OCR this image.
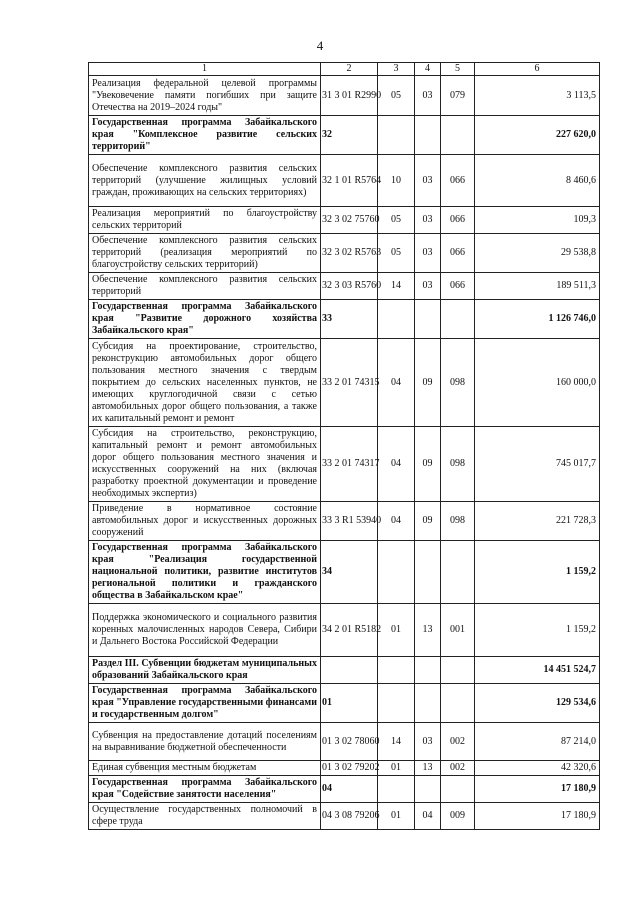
4
1	2	3	4	5	6
Реализация федеральной целевой программы "Увековечение памяти погибших при защите Отечества на 2019–2024 годы"	31 3 01 R2990	05	03	079	3 113,5
Государственная программа Забайкальского края "Комплексное развитие сельских территорий"	32				227 620,0
Обеспечение комплексного развития сельских территорий (улучшение жилищных условий граждан, проживающих на сельских территориях)	32 1 01 R5764	10	03	066	8 460,6
Реализация мероприятий по благоустройству сельских территорий	32 3 02 75760	05	03	066	109,3
Обеспечение комплексного развития сельских территорий (реализация мероприятий по благоустройству сельских территорий)	32 3 02 R5763	05	03	066	29 538,8
Обеспечение комплексного развития сельских территорий	32 3 03 R5760	14	03	066	189 511,3
Государственная программа Забайкальского края "Развитие дорожного хозяйства Забайкальского края"	33				1 126 746,0
Субсидия на проектирование, строительство, реконструкцию автомобильных дорог общего пользования местного значения с твердым покрытием до сельских населенных пунктов, не имеющих круглогодичной связи с сетью автомобильных дорог общего пользования, а также их капитальный ремонт и ремонт	33 2 01 74315	04	09	098	160 000,0
Субсидия на строительство, реконструкцию, капитальный ремонт и ремонт автомобильных дорог общего пользования местного значения и искусственных сооружений на них (включая разработку проектной документации и проведение необходимых экспертиз)	33 2 01 74317	04	09	098	745 017,7
Приведение в нормативное состояние автомобильных дорог и искусственных дорожных сооружений	33 3 R1 53940	04	09	098	221 728,3
Государственная программа Забайкальского края "Реализация государственной национальной политики, развитие институтов региональной политики и гражданского общества в Забайкальском крае"	34				1 159,2
Поддержка экономического и социального развития коренных малочисленных народов Севера, Сибири и Дальнего Востока Российской Федерации	34 2 01 R5182	01	13	001	1 159,2
Раздел III. Субвенции бюджетам муниципальных образований Забайкальского края					14 451 524,7
Государственная программа Забайкальского края "Управление государственными финансами и государственным долгом"	01				129 534,6
Субвенция на предоставление дотаций поселениям на выравнивание бюджетной обеспеченности	01 3 02 78060	14	03	002	87 214,0
Единая субвенция местным бюджетам	01 3 02 79202	01	13	002	42 320,6
Государственная программа Забайкальского края "Содействие занятости населения"	04				17 180,9
Осуществление государственных полномочий в сфере труда	04 3 08 79206	01	04	009	17 180,9
